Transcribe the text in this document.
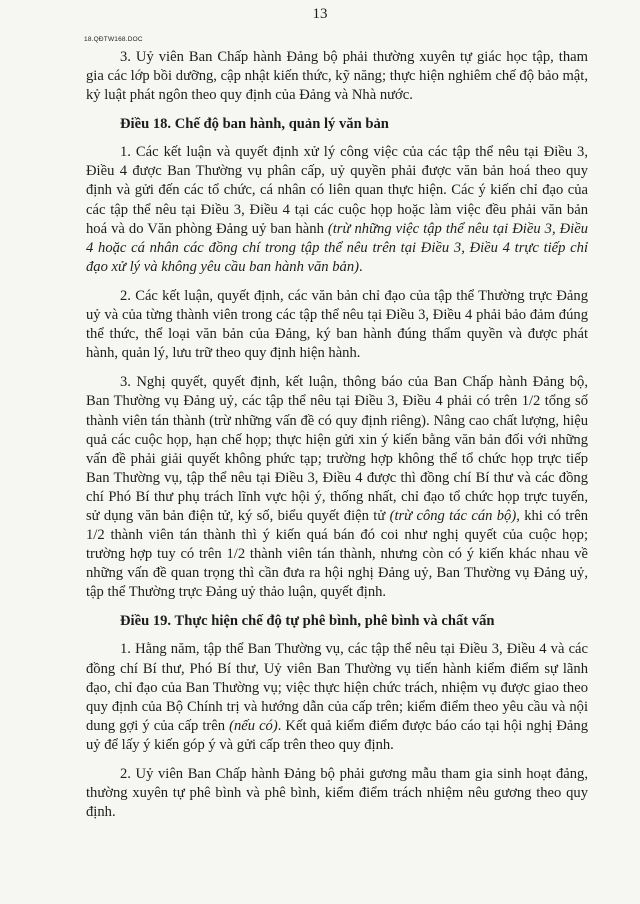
13
18.QĐTW168.DOC

3. Uỷ viên Ban Chấp hành Đảng bộ phải thường xuyên tự giác học tập, tham gia các lớp bồi dưỡng, cập nhật kiến thức, kỹ năng; thực hiện nghiêm chế độ bảo mật, kỷ luật phát ngôn theo quy định của Đảng và Nhà nước.

Điều 18. Chế độ ban hành, quản lý văn bản

1. Các kết luận và quyết định xử lý công việc của các tập thể nêu tại Điều 3, Điều 4 được Ban Thường vụ phân cấp, uỷ quyền phải được văn bản hoá theo quy định và gửi đến các tổ chức, cá nhân có liên quan thực hiện. Các ý kiến chỉ đạo của các tập thể nêu tại Điều 3, Điều 4 tại các cuộc họp hoặc làm việc đều phải văn bản hoá và do Văn phòng Đảng uỷ ban hành (trừ những việc tập thể nêu tại Điều 3, Điều 4 hoặc cá nhân các đồng chí trong tập thể nêu trên tại Điều 3, Điều 4 trực tiếp chỉ đạo xử lý và không yêu cầu ban hành văn bản).

2. Các kết luận, quyết định, các văn bản chỉ đạo của tập thể Thường trực Đảng uỷ và của từng thành viên trong các tập thể nêu tại Điều 3, Điều 4 phải bảo đảm đúng thể thức, thể loại văn bản của Đảng, ký ban hành đúng thẩm quyền và được phát hành, quản lý, lưu trữ theo quy định hiện hành.

3. Nghị quyết, quyết định, kết luận, thông báo của Ban Chấp hành Đảng bộ, Ban Thường vụ Đảng uỷ, các tập thể nêu tại Điều 3, Điều 4 phải có trên 1/2 tổng số thành viên tán thành (trừ những vấn đề có quy định riêng). Nâng cao chất lượng, hiệu quả các cuộc họp, hạn chế họp; thực hiện gửi xin ý kiến bằng văn bản đối với những vấn đề phải giải quyết không phức tạp; trường hợp không thể tổ chức họp trực tiếp Ban Thường vụ, tập thể nêu tại Điều 3, Điều 4 được thì đồng chí Bí thư và các đồng chí Phó Bí thư phụ trách lĩnh vực hội ý, thống nhất, chỉ đạo tổ chức họp trực tuyến, sử dụng văn bản điện tử, ký số, biểu quyết điện tử (trừ công tác cán bộ), khi có trên 1/2 thành viên tán thành thì ý kiến quá bán đó coi như nghị quyết của cuộc họp; trường hợp tuy có trên 1/2 thành viên tán thành, nhưng còn có ý kiến khác nhau về những vấn đề quan trọng thì cần đưa ra hội nghị Đảng uỷ, Ban Thường vụ Đảng uỷ, tập thể Thường trực Đảng uỷ thảo luận, quyết định.

Điều 19. Thực hiện chế độ tự phê bình, phê bình và chất vấn

1. Hằng năm, tập thể Ban Thường vụ, các tập thể nêu tại Điều 3, Điều 4 và các đồng chí Bí thư, Phó Bí thư, Uỷ viên Ban Thường vụ tiến hành kiểm điểm sự lãnh đạo, chỉ đạo của Ban Thường vụ; việc thực hiện chức trách, nhiệm vụ được giao theo quy định của Bộ Chính trị và hướng dẫn của cấp trên; kiểm điểm theo yêu cầu và nội dung gợi ý của cấp trên (nếu có). Kết quả kiểm điểm được báo cáo tại hội nghị Đảng uỷ để lấy ý kiến góp ý và gửi cấp trên theo quy định.

2. Uỷ viên Ban Chấp hành Đảng bộ phải gương mẫu tham gia sinh hoạt đảng, thường xuyên tự phê bình và phê bình, kiểm điểm trách nhiệm nêu gương theo quy định.
